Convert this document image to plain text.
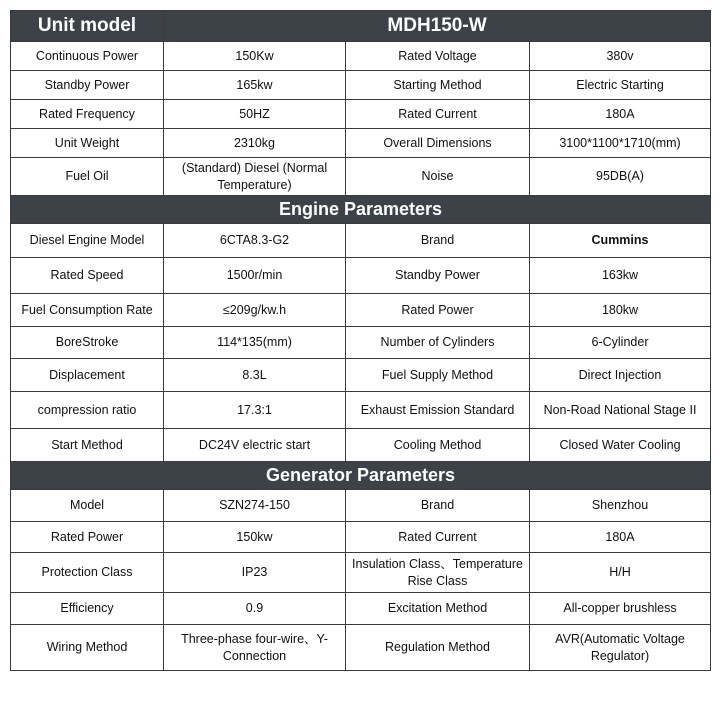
Unit model	MDH150-W		
Continuous Power	150Kw	Rated Voltage	380v
Standby Power	165kw	Starting Method	Electric Starting
Rated Frequency	50HZ	Rated Current	180A
Unit Weight	2310kg	Overall Dimensions	3100*1100*1710(mm)
Fuel Oil	(Standard) Diesel (Normal Temperature)	Noise	95DB(A)
Engine Parameters			
Diesel Engine Model	6CTA8.3-G2	Brand	Cummins
Rated Speed	1500r/min	Standby Power	163kw
Fuel Consumption Rate	≤209g/kw.h	Rated Power	180kw
BoreStroke	114*135(mm)	Number of Cylinders	6-Cylinder
Displacement	8.3L	Fuel Supply Method	Direct Injection
compression ratio	17.3:1	Exhaust Emission Standard	Non-Road National Stage II
Start Method	DC24V electric start	Cooling Method	Closed Water Cooling
Generator Parameters			
Model	SZN274-150	Brand	Shenzhou
Rated Power	150kw	Rated Current	180A
Protection Class	IP23	Insulation Class、Temperature Rise Class	H/H
Efficiency	0.9	Excitation Method	All-copper brushless
Wiring Method	Three-phase four-wire、Y-Connection	Regulation Method	AVR(Automatic Voltage Regulator)
